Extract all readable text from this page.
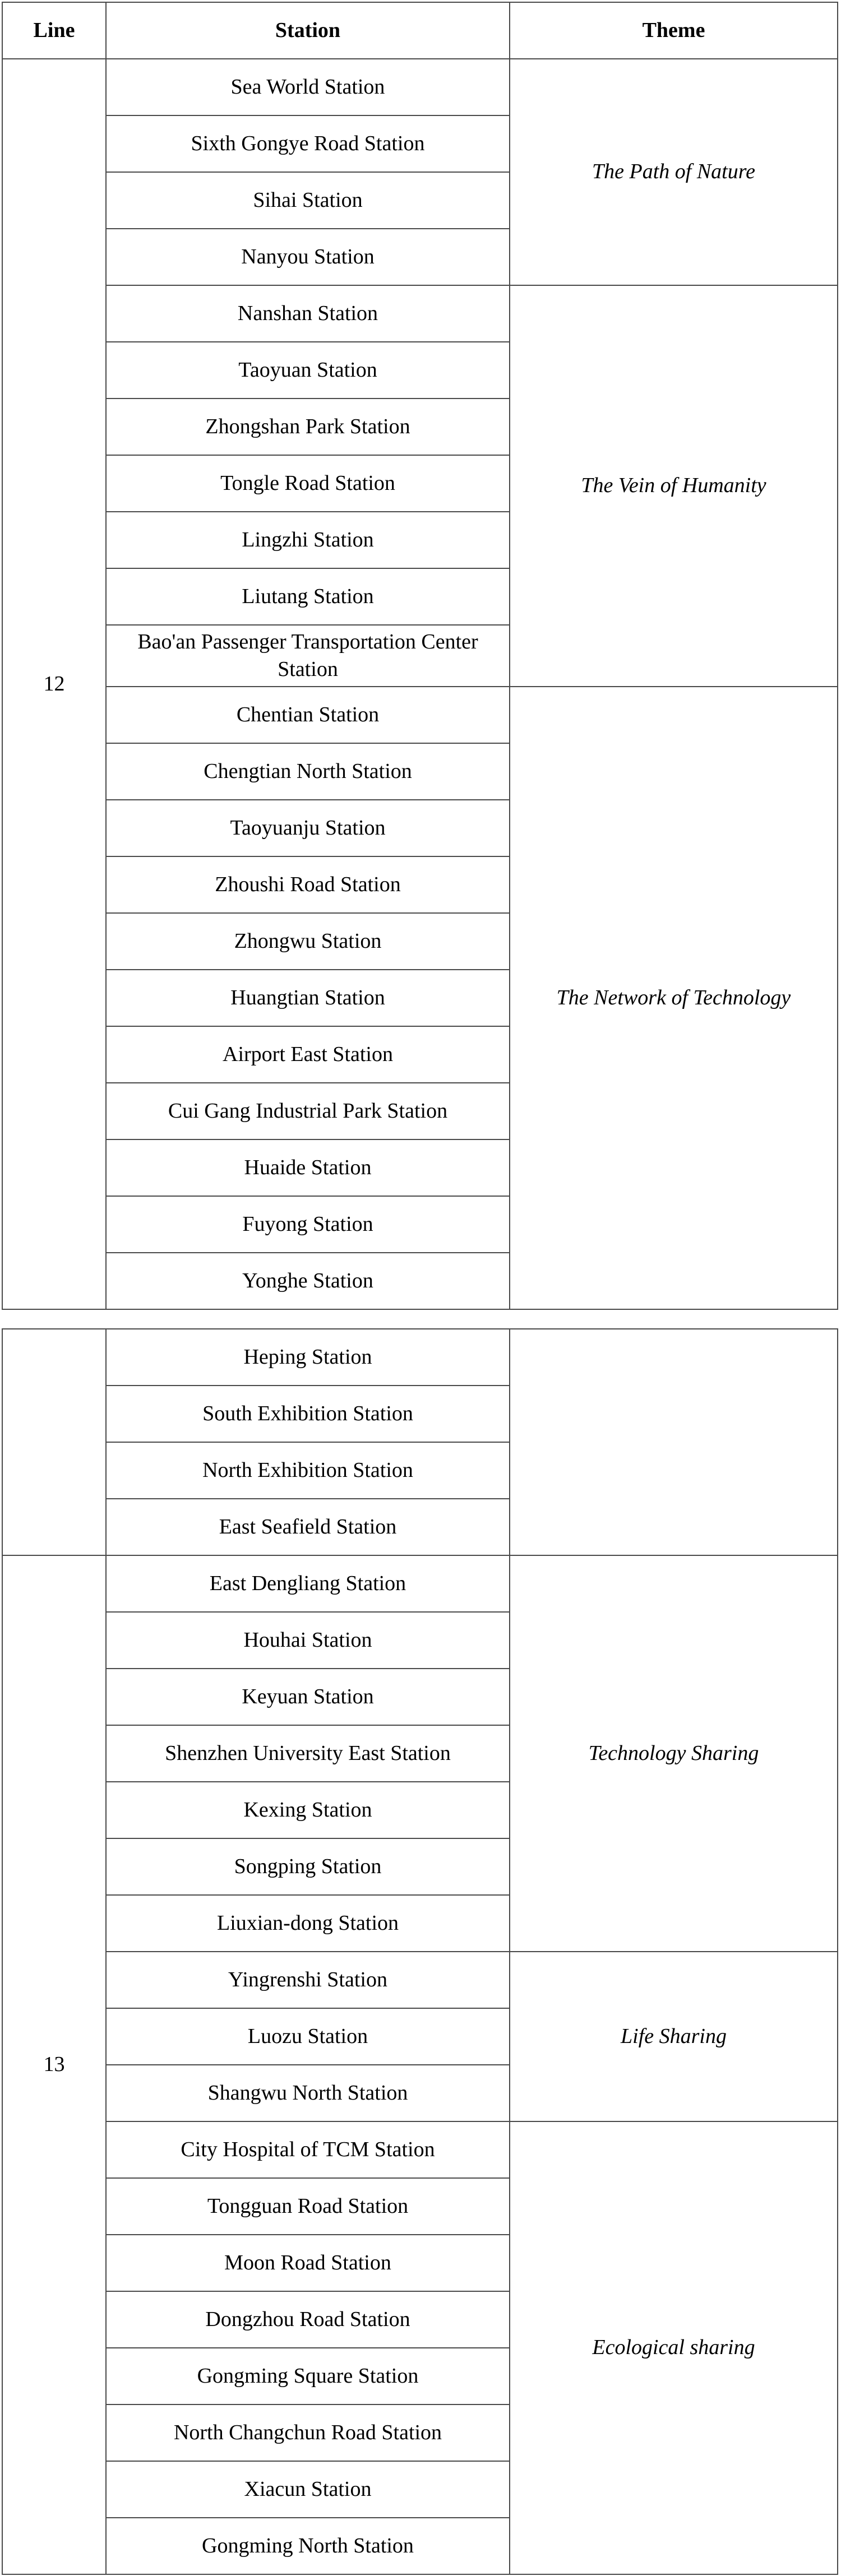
Line	Station	Theme
12	Sea World Station	The Path of Nature
	Sixth Gongye Road Station	
	Sihai Station	
	Nanyou Station	
	Nanshan Station	The Vein of Humanity
	Taoyuan Station	
	Zhongshan Park Station	
	Tongle Road Station	
	Lingzhi Station	
	Liutang Station	
	Bao'an Passenger Transportation Center Station	
	Chentian Station	The Network of Technology
	Chengtian North Station	
	Taoyuanju Station	
	Zhoushi Road Station	
	Zhongwu Station	
	Huangtian Station	
	Airport East Station	
	Cui Gang Industrial Park Station	
	Huaide Station	
	Fuyong Station	
	Yonghe Station	
	Heping Station	
	South Exhibition Station	
	North Exhibition Station	
	East Seafield Station	
13	East Dengliang Station	Technology Sharing
	Houhai Station	
	Keyuan Station	
	Shenzhen University East Station	
	Kexing Station	
	Songping Station	
	Liuxian-dong Station	
	Yingrenshi Station	Life Sharing
	Luozu Station	
	Shangwu North Station	
	City Hospital of TCM Station	Ecological sharing
	Tongguan Road Station	
	Moon Road Station	
	Dongzhou Road Station	
	Gongming Square Station	
	North Changchun Road Station	
	Xiacun Station	
	Gongming North Station	
